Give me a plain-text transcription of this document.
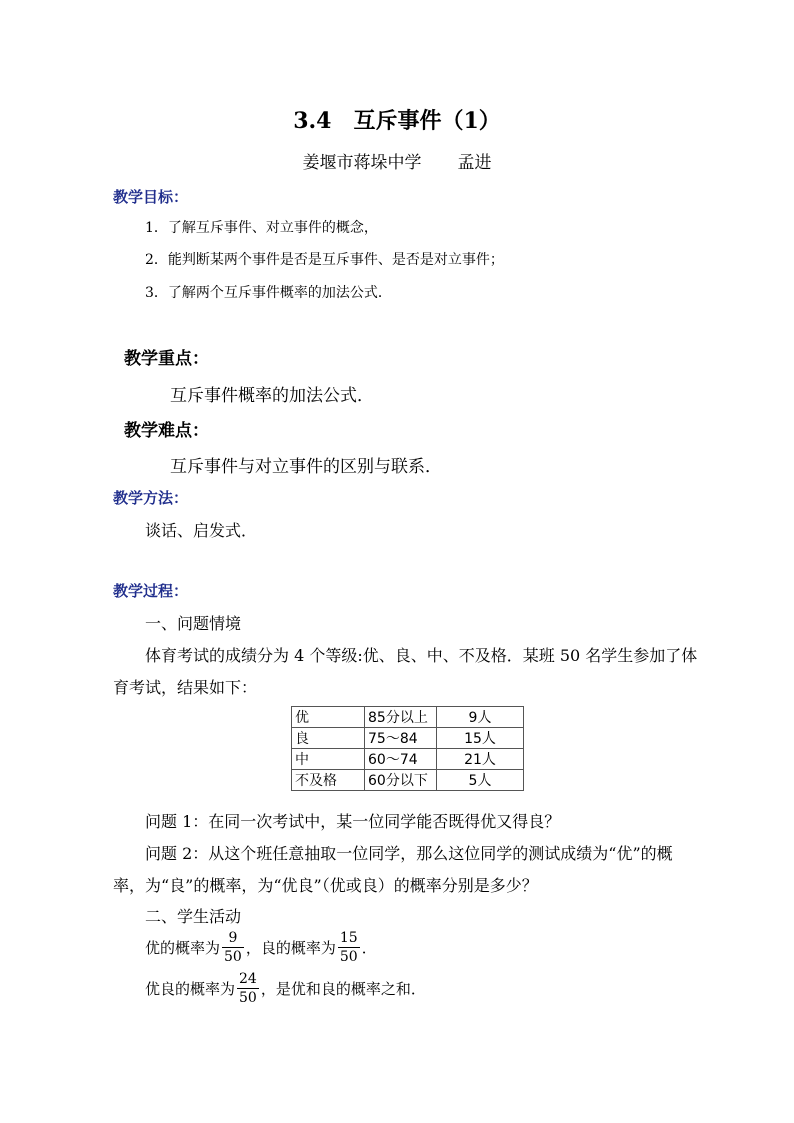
3.4　互斥事件（1）
姜堰市蒋垛中学 孟进
教学目标：
1．了解互斥事件、对立事件的概念，
2．能判断某两个事件是否是互斥事件、是否是对立事件；
3．了解两个互斥事件概率的加法公式．
教学重点：
互斥事件概率的加法公式．
教学难点：
互斥事件与对立事件的区别与联系．
教学方法：
谈话、启发式．
教学过程：
一、问题情境
体育考试的成绩分为 4 个等级:优、良、中、不及格．某班 50 名学生参加了体
育考试，结果如下：
优	85分以上	9人
良	75～84	15人
中	60～74	21人
不及格	60分以下	5人
问题 1：在同一次考试中，某一位同学能否既得优又得良？
问题 2：从这个班任意抽取一位同学，那么这位同学的测试成绩为“优”的概
率，为“良”的概率，为“优良”（优或良）的概率分别是多少？
二、学生活动
优的概率为 $\frac{9}{50}$ ，良的概率为 $\frac{15}{50}$ ．
优良的概率为 $\frac{24}{50}$ ，是优和良的概率之和．
